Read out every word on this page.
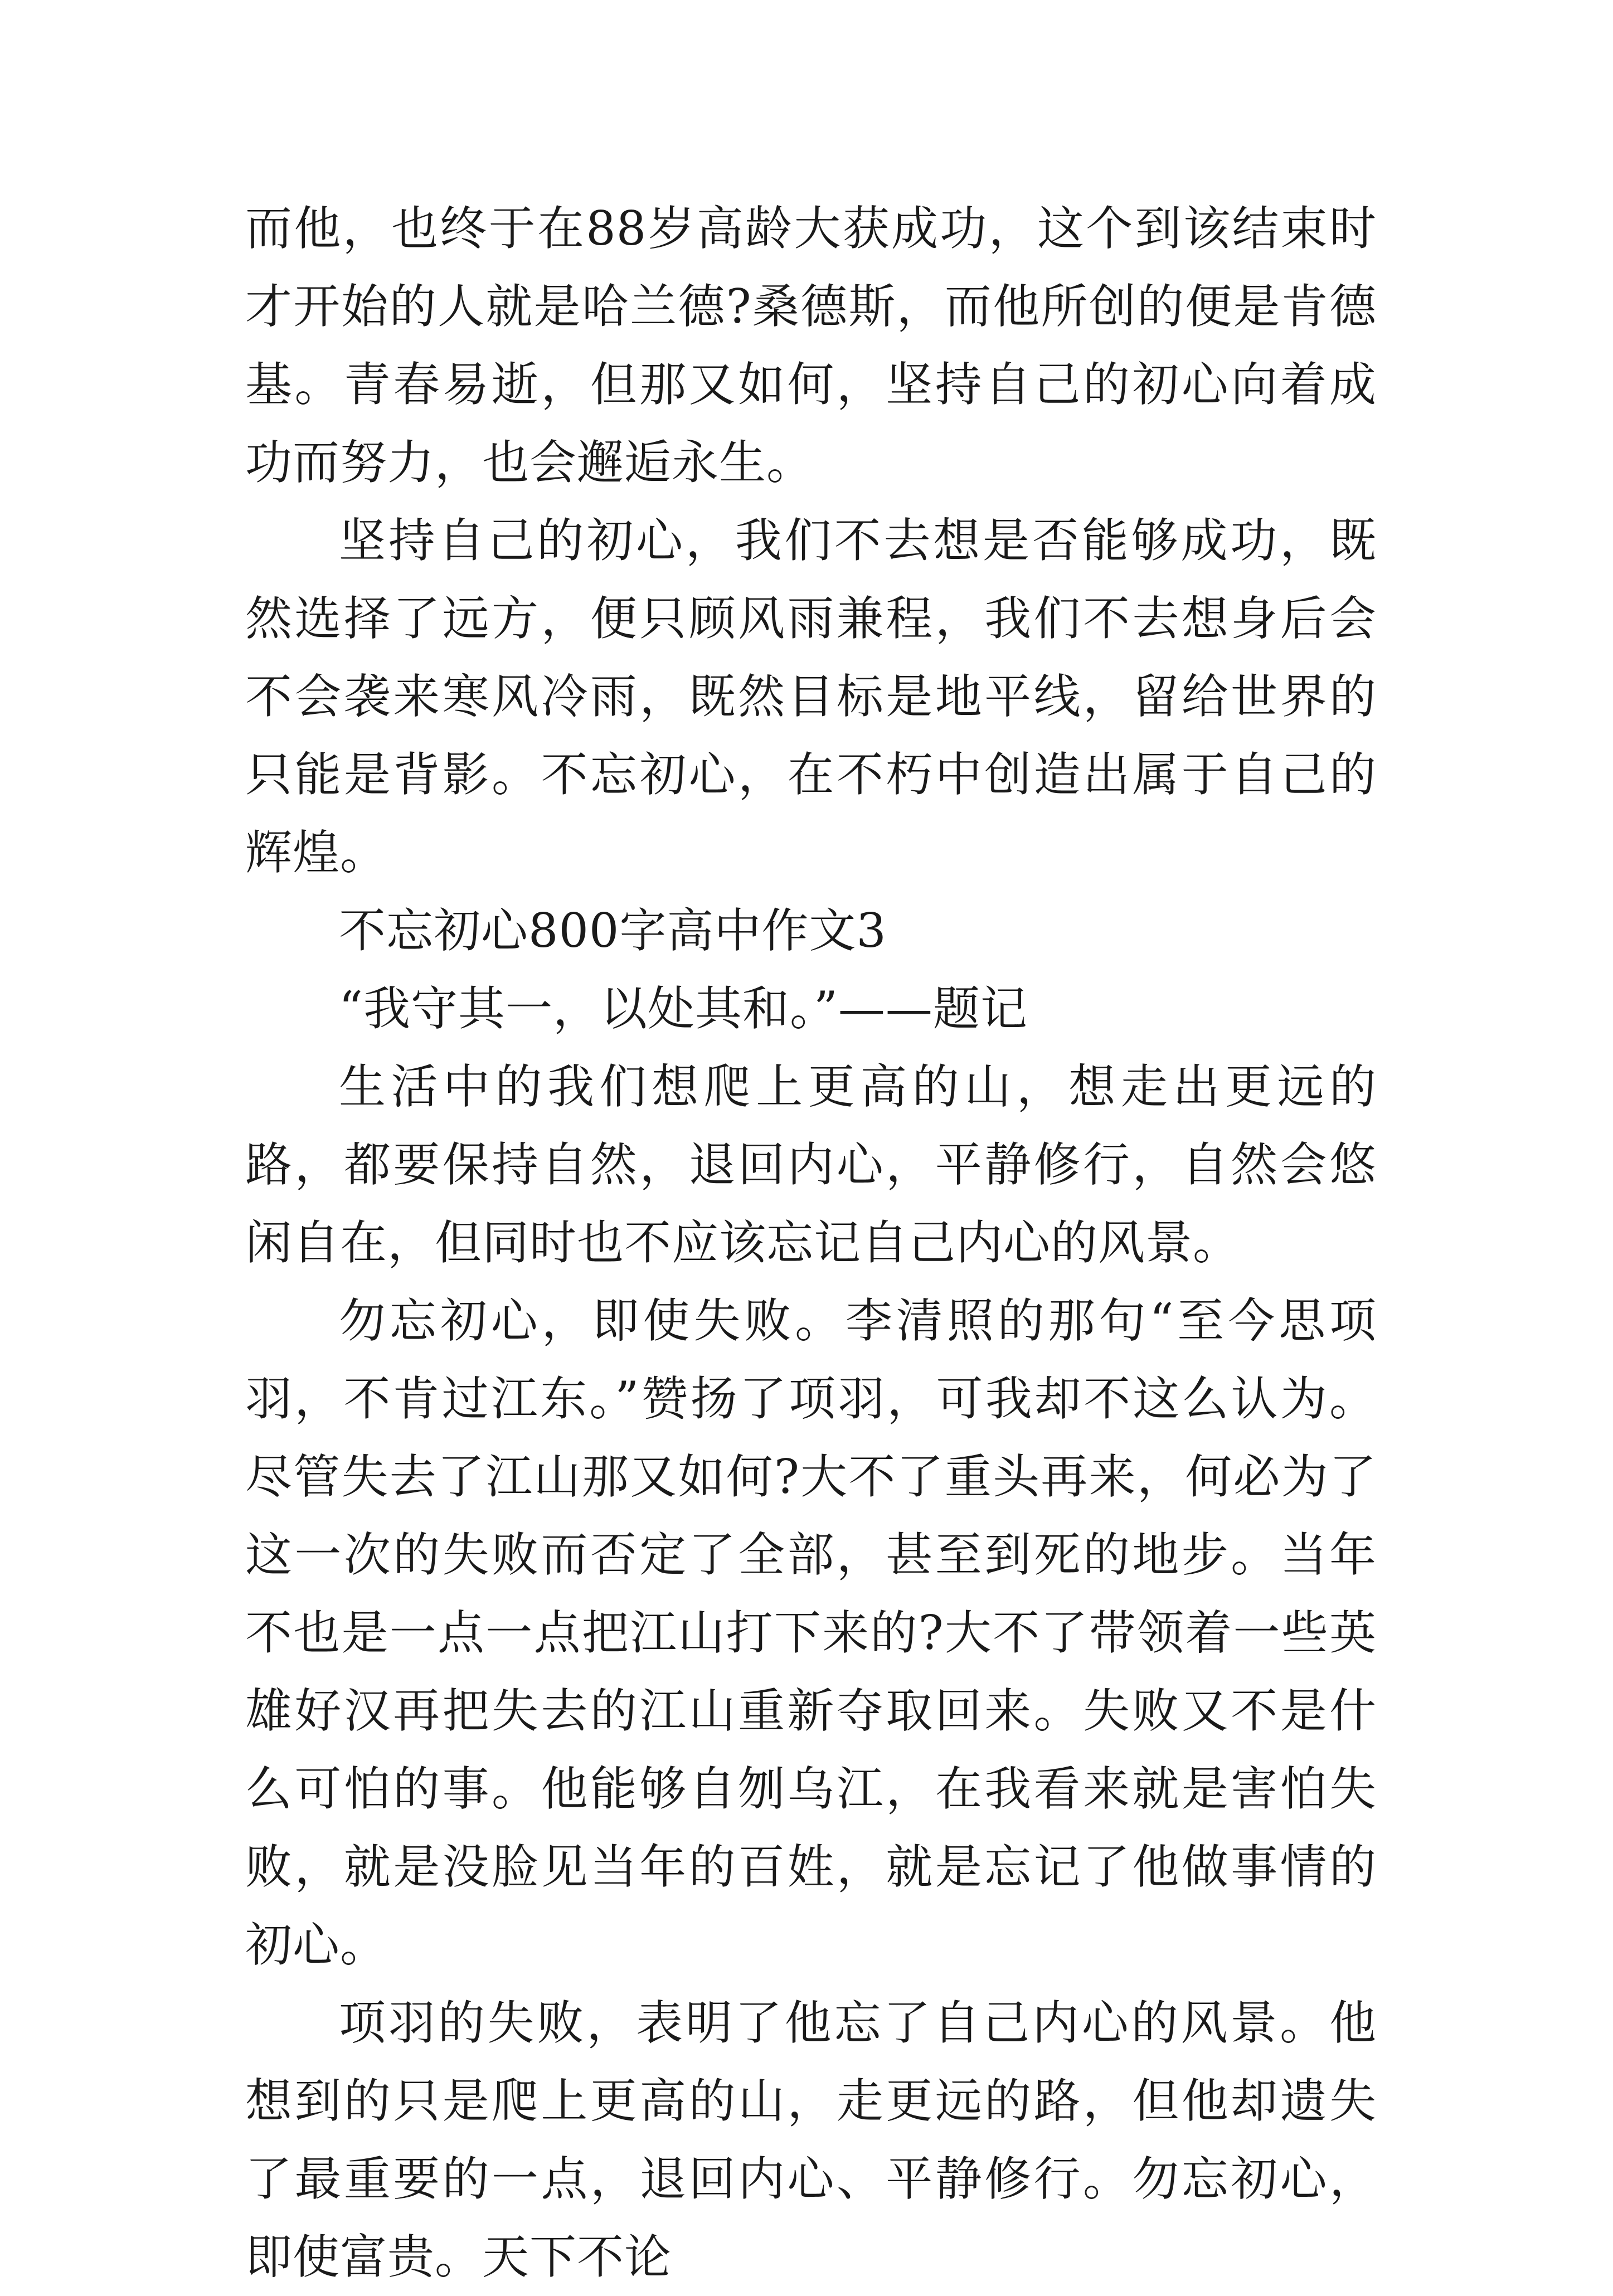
而他，也终于在88岁高龄大获成功，这个到该结束时才开始的人就是哈兰德?桑德斯，而他所创的便是肯德基。青春易逝，但那又如何，坚持自己的初心向着成功而努力，也会邂逅永生。

坚持自己的初心，我们不去想是否能够成功，既然选择了远方，便只顾风雨兼程，我们不去想身后会不会袭来寒风冷雨，既然目标是地平线，留给世界的只能是背影。不忘初心，在不朽中创造出属于自己的辉煌。

不忘初心800字高中作文3

“我守其一，以处其和。”——题记

生活中的我们想爬上更高的山，想走出更远的路，都要保持自然，退回内心，平静修行，自然会悠闲自在，但同时也不应该忘记自己内心的风景。

勿忘初心，即使失败。李清照的那句“至今思项羽，不肯过江东。”赞扬了项羽，可我却不这么认为。尽管失去了江山那又如何?大不了重头再来，何必为了这一次的失败而否定了全部，甚至到死的地步。当年不也是一点一点把江山打下来的?大不了带领着一些英雄好汉再把失去的江山重新夺取回来。失败又不是什么可怕的事。他能够自刎乌江，在我看来就是害怕失败，就是没脸见当年的百姓，就是忘记了他做事情的初心。

项羽的失败，表明了他忘了自己内心的风景。他想到的只是爬上更高的山，走更远的路，但他却遗失了最重要的一点，退回内心、平静修行。勿忘初心，即使富贵。天下不论
